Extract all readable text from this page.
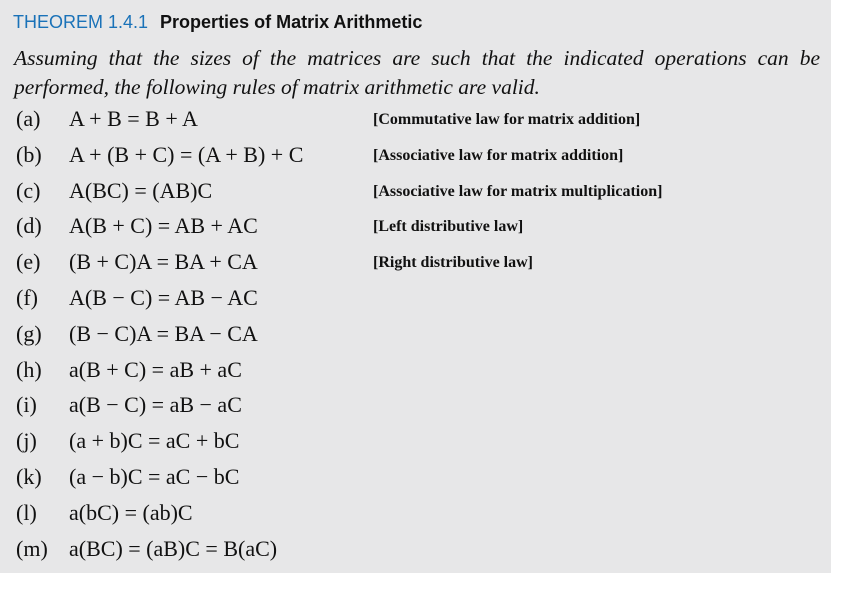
THEOREM 1.4.1 Properties of Matrix Arithmetic
Assuming that the sizes of the matrices are such that the indicated operations can be performed, the following rules of matrix arithmetic are valid.
(a) A + B = B + A	[Commutative law for matrix addition]
(b) A + (B + C) = (A + B) + C	[Associative law for matrix addition]
(c) A(BC) = (AB)C	[Associative law for matrix multiplication]
(d) A(B + C) = AB + AC	[Left distributive law]
(e) (B + C)A = BA + CA	[Right distributive law]
(f) A(B − C) = AB − AC
(g) (B − C)A = BA − CA
(h) a(B + C) = aB + aC
(i) a(B − C) = aB − aC
(j) (a + b)C = aC + bC
(k) (a − b)C = aC − bC
(l) a(bC) = (ab)C
(m) a(BC) = (aB)C = B(aC)
